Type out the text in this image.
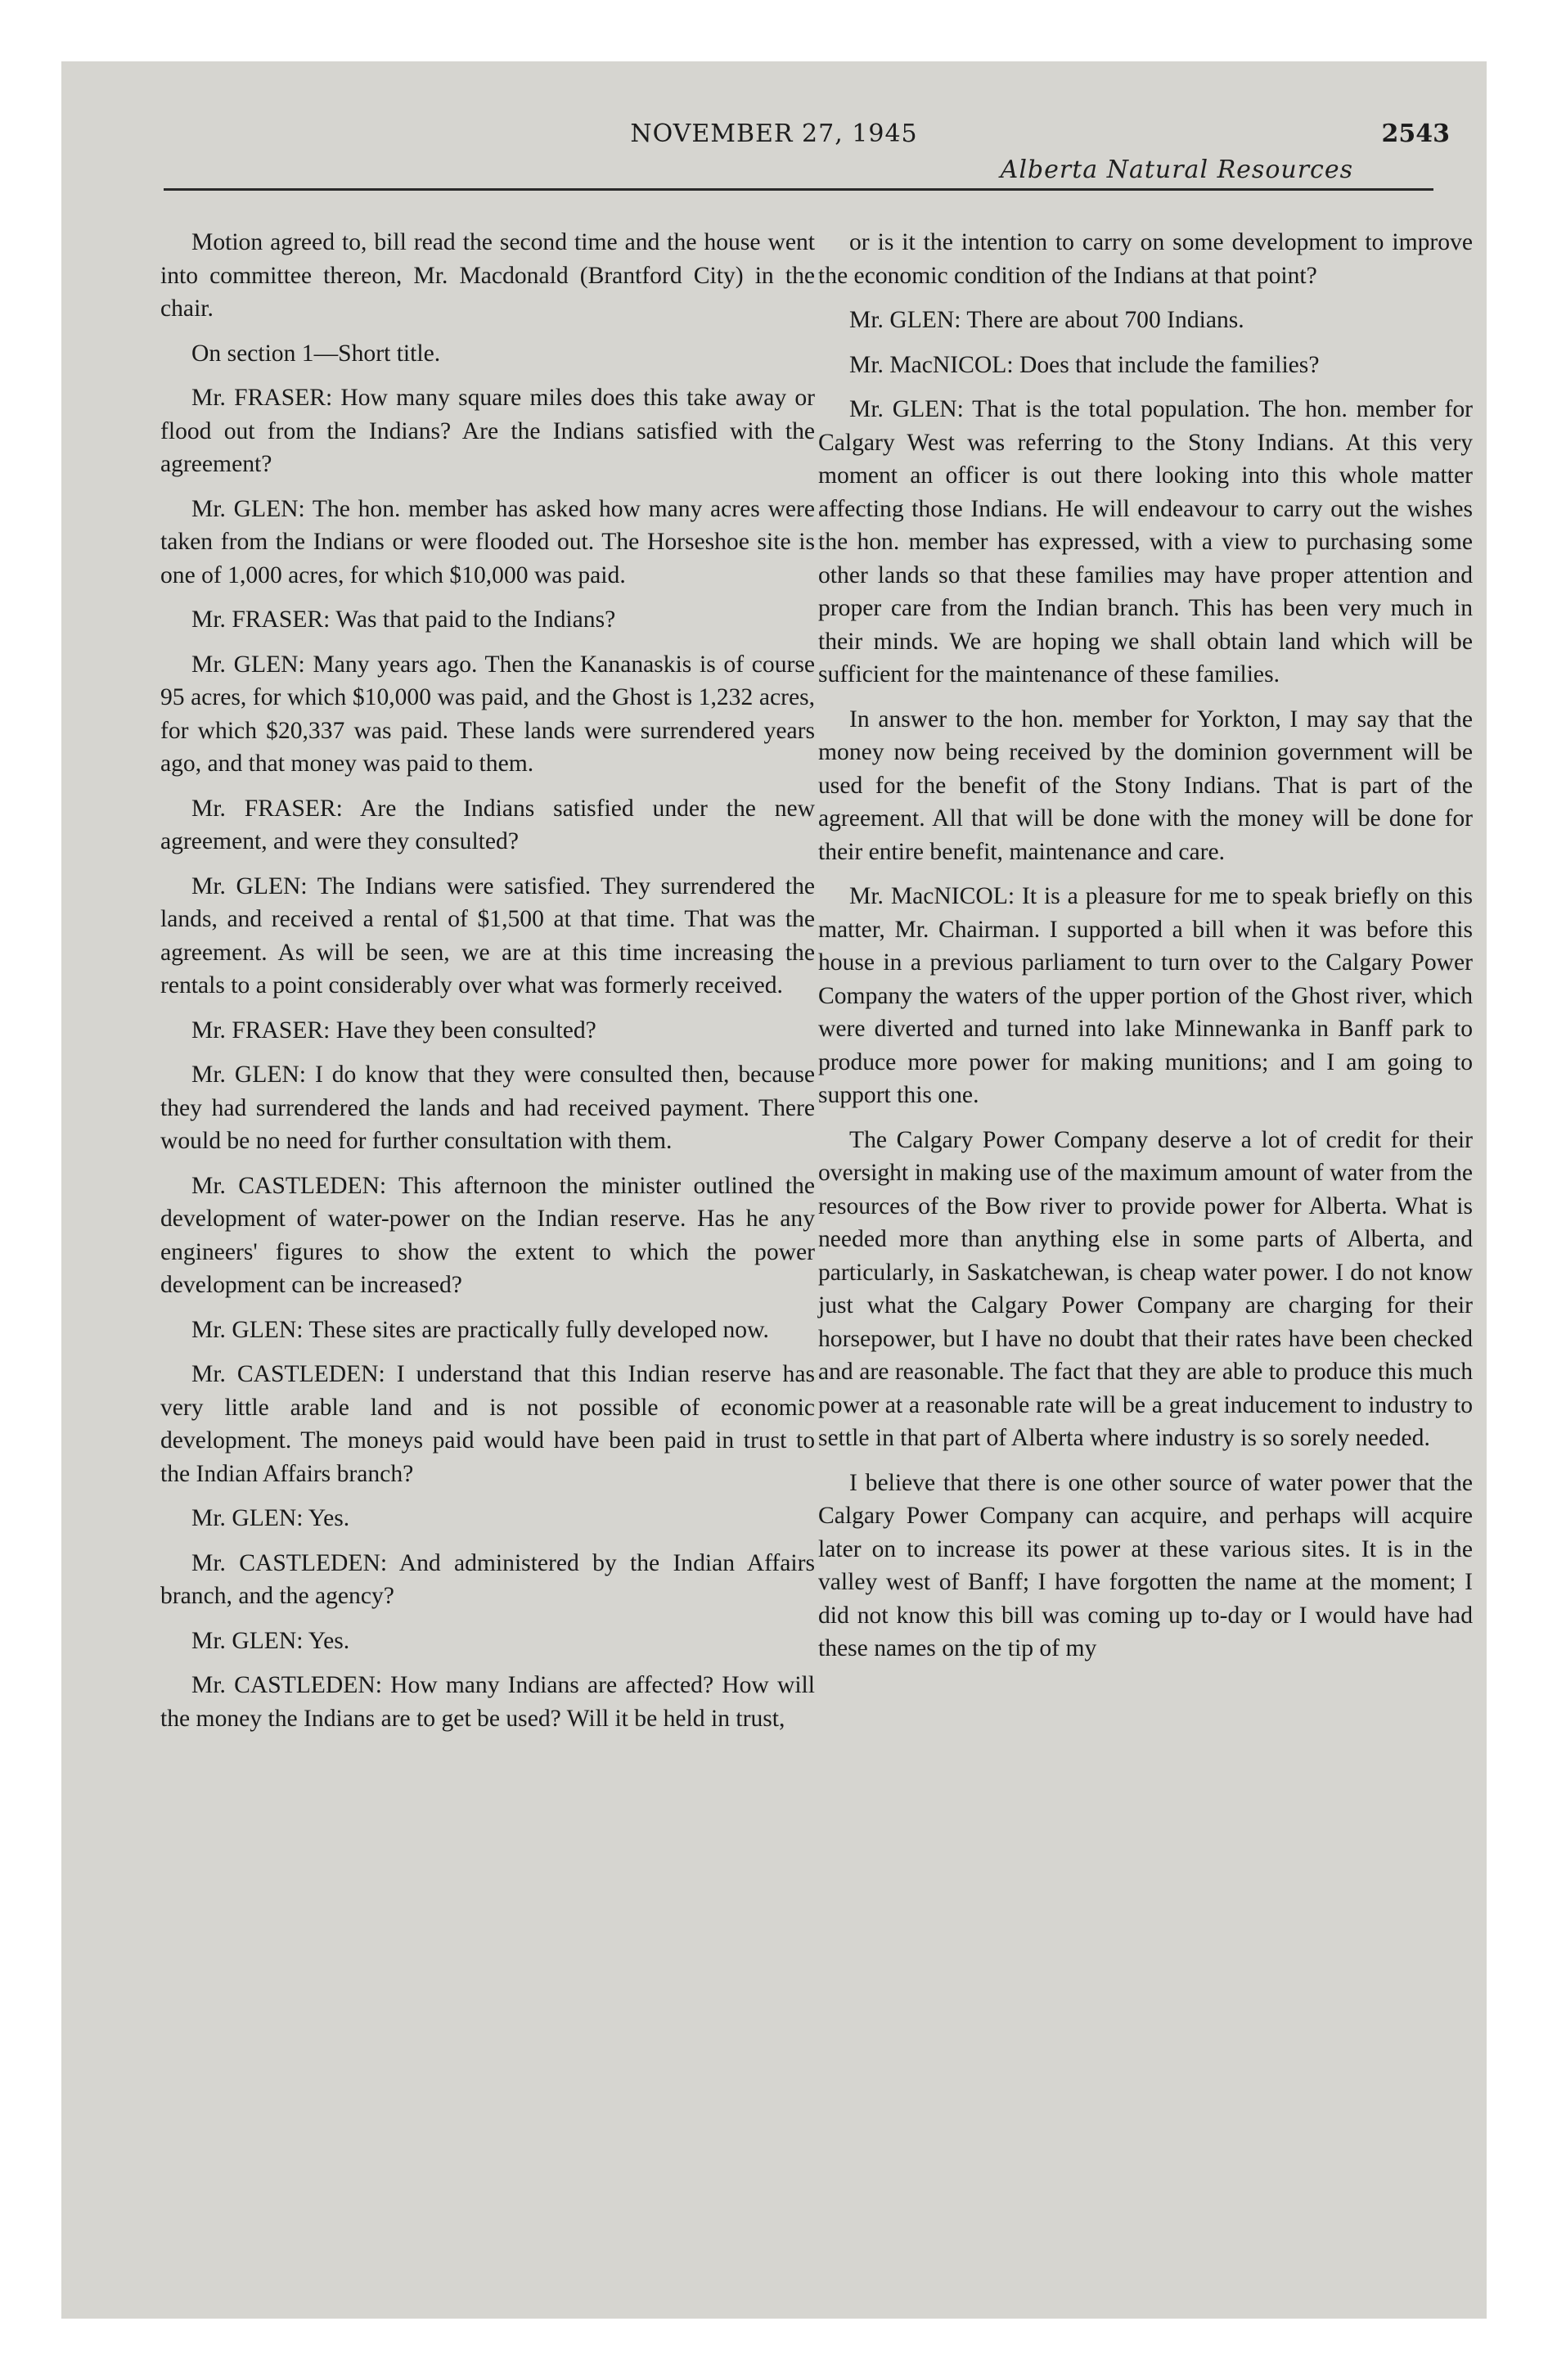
NOVEMBER 27, 1945	2543
Alberta Natural Resources

Motion agreed to, bill read the second time and the house went into committee thereon, Mr. Macdonald (Brantford City) in the chair.

On section 1—Short title.

Mr. FRASER: How many square miles does this take away or flood out from the Indians? Are the Indians satisfied with the agreement?

Mr. GLEN: The hon. member has asked how many acres were taken from the Indians or were flooded out. The Horseshoe site is one of 1,000 acres, for which $10,000 was paid.

Mr. FRASER: Was that paid to the Indians?

Mr. GLEN: Many years ago. Then the Kananaskis is of course 95 acres, for which $10,000 was paid, and the Ghost is 1,232 acres, for which $20,337 was paid. These lands were surrendered years ago, and that money was paid to them.

Mr. FRASER: Are the Indians satisfied under the new agreement, and were they consulted?

Mr. GLEN: The Indians were satisfied. They surrendered the lands, and received a rental of $1,500 at that time. That was the agreement. As will be seen, we are at this time increasing the rentals to a point considerably over what was formerly received.

Mr. FRASER: Have they been consulted?

Mr. GLEN: I do know that they were consulted then, because they had surrendered the lands and had received payment. There would be no need for further consultation with them.

Mr. CASTLEDEN: This afternoon the minister outlined the development of water-power on the Indian reserve. Has he any engineers' figures to show the extent to which the power development can be increased?

Mr. GLEN: These sites are practically fully developed now.

Mr. CASTLEDEN: I understand that this Indian reserve has very little arable land and is not possible of economic development. The moneys paid would have been paid in trust to the Indian Affairs branch?

Mr. GLEN: Yes.

Mr. CASTLEDEN: And administered by the Indian Affairs branch, and the agency?

Mr. GLEN: Yes.

Mr. CASTLEDEN: How many Indians are affected? How will the money the Indians are to get be used? Will it be held in trust,

or is it the intention to carry on some development to improve the economic condition of the Indians at that point?

Mr. GLEN: There are about 700 Indians.

Mr. MacNICOL: Does that include the families?

Mr. GLEN: That is the total population. The hon. member for Calgary West was referring to the Stony Indians. At this very moment an officer is out there looking into this whole matter affecting those Indians. He will endeavour to carry out the wishes the hon. member has expressed, with a view to purchasing some other lands so that these families may have proper attention and proper care from the Indian branch. This has been very much in their minds. We are hoping we shall obtain land which will be sufficient for the maintenance of these families.

In answer to the hon. member for Yorkton, I may say that the money now being received by the dominion government will be used for the benefit of the Stony Indians. That is part of the agreement. All that will be done with the money will be done for their entire benefit, maintenance and care.

Mr. MacNICOL: It is a pleasure for me to speak briefly on this matter, Mr. Chairman. I supported a bill when it was before this house in a previous parliament to turn over to the Calgary Power Company the waters of the upper portion of the Ghost river, which were diverted and turned into lake Minnewanka in Banff park to produce more power for making munitions; and I am going to support this one.

The Calgary Power Company deserve a lot of credit for their oversight in making use of the maximum amount of water from the resources of the Bow river to provide power for Alberta. What is needed more than anything else in some parts of Alberta, and particularly, in Saskatchewan, is cheap water power. I do not know just what the Calgary Power Company are charging for their horsepower, but I have no doubt that their rates have been checked and are reasonable. The fact that they are able to produce this much power at a reasonable rate will be a great inducement to industry to settle in that part of Alberta where industry is so sorely needed.

I believe that there is one other source of water power that the Calgary Power Company can acquire, and perhaps will acquire later on to increase its power at these various sites. It is in the valley west of Banff; I have forgotten the name at the moment; I did not know this bill was coming up to-day or I would have had these names on the tip of my
